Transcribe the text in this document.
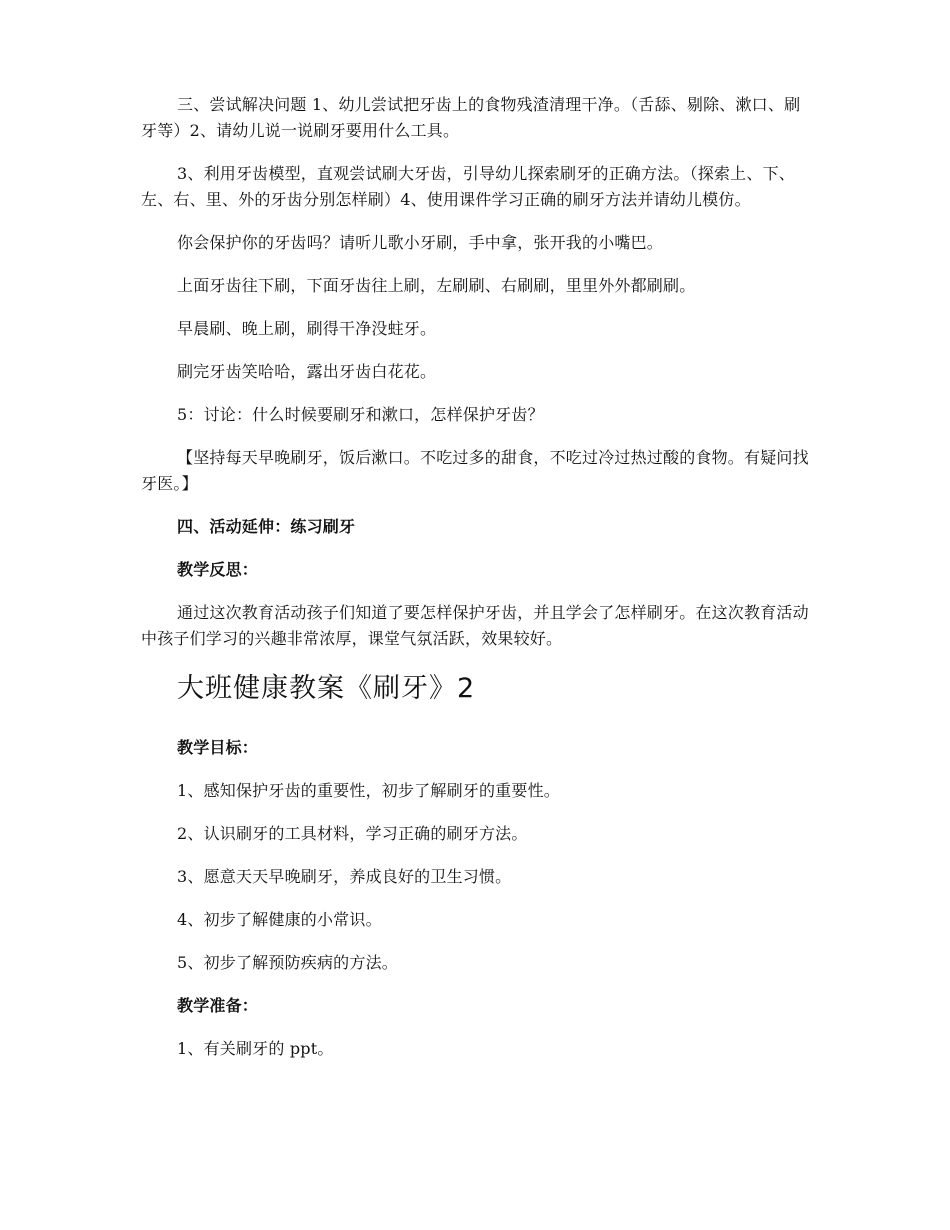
三、尝试解决问题 1、幼儿尝试把牙齿上的食物残渣清理干净。（舌舔、剔除、漱口、刷牙等）2、请幼儿说一说刷牙要用什么工具。

3、利用牙齿模型，直观尝试刷大牙齿，引导幼儿探索刷牙的正确方法。（探索上、下、左、右、里、外的牙齿分别怎样刷）4、使用课件学习正确的刷牙方法并请幼儿模仿。

你会保护你的牙齿吗？请听儿歌小牙刷，手中拿，张开我的小嘴巴。

上面牙齿往下刷，下面牙齿往上刷，左刷刷、右刷刷，里里外外都刷刷。

早晨刷、晚上刷，刷得干净没蛀牙。

刷完牙齿笑哈哈，露出牙齿白花花。

5：讨论：什么时候要刷牙和漱口，怎样保护牙齿？

【坚持每天早晚刷牙，饭后漱口。不吃过多的甜食，不吃过冷过热过酸的食物。有疑问找牙医。】

四、活动延伸：练习刷牙

教学反思：

通过这次教育活动孩子们知道了要怎样保护牙齿，并且学会了怎样刷牙。在这次教育活动中孩子们学习的兴趣非常浓厚，课堂气氛活跃，效果较好。

大班健康教案《刷牙》2

教学目标：

1、感知保护牙齿的重要性，初步了解刷牙的重要性。

2、认识刷牙的工具材料，学习正确的刷牙方法。

3、愿意天天早晚刷牙，养成良好的卫生习惯。

4、初步了解健康的小常识。

5、初步了解预防疾病的方法。

教学准备：

1、有关刷牙的 ppt。
